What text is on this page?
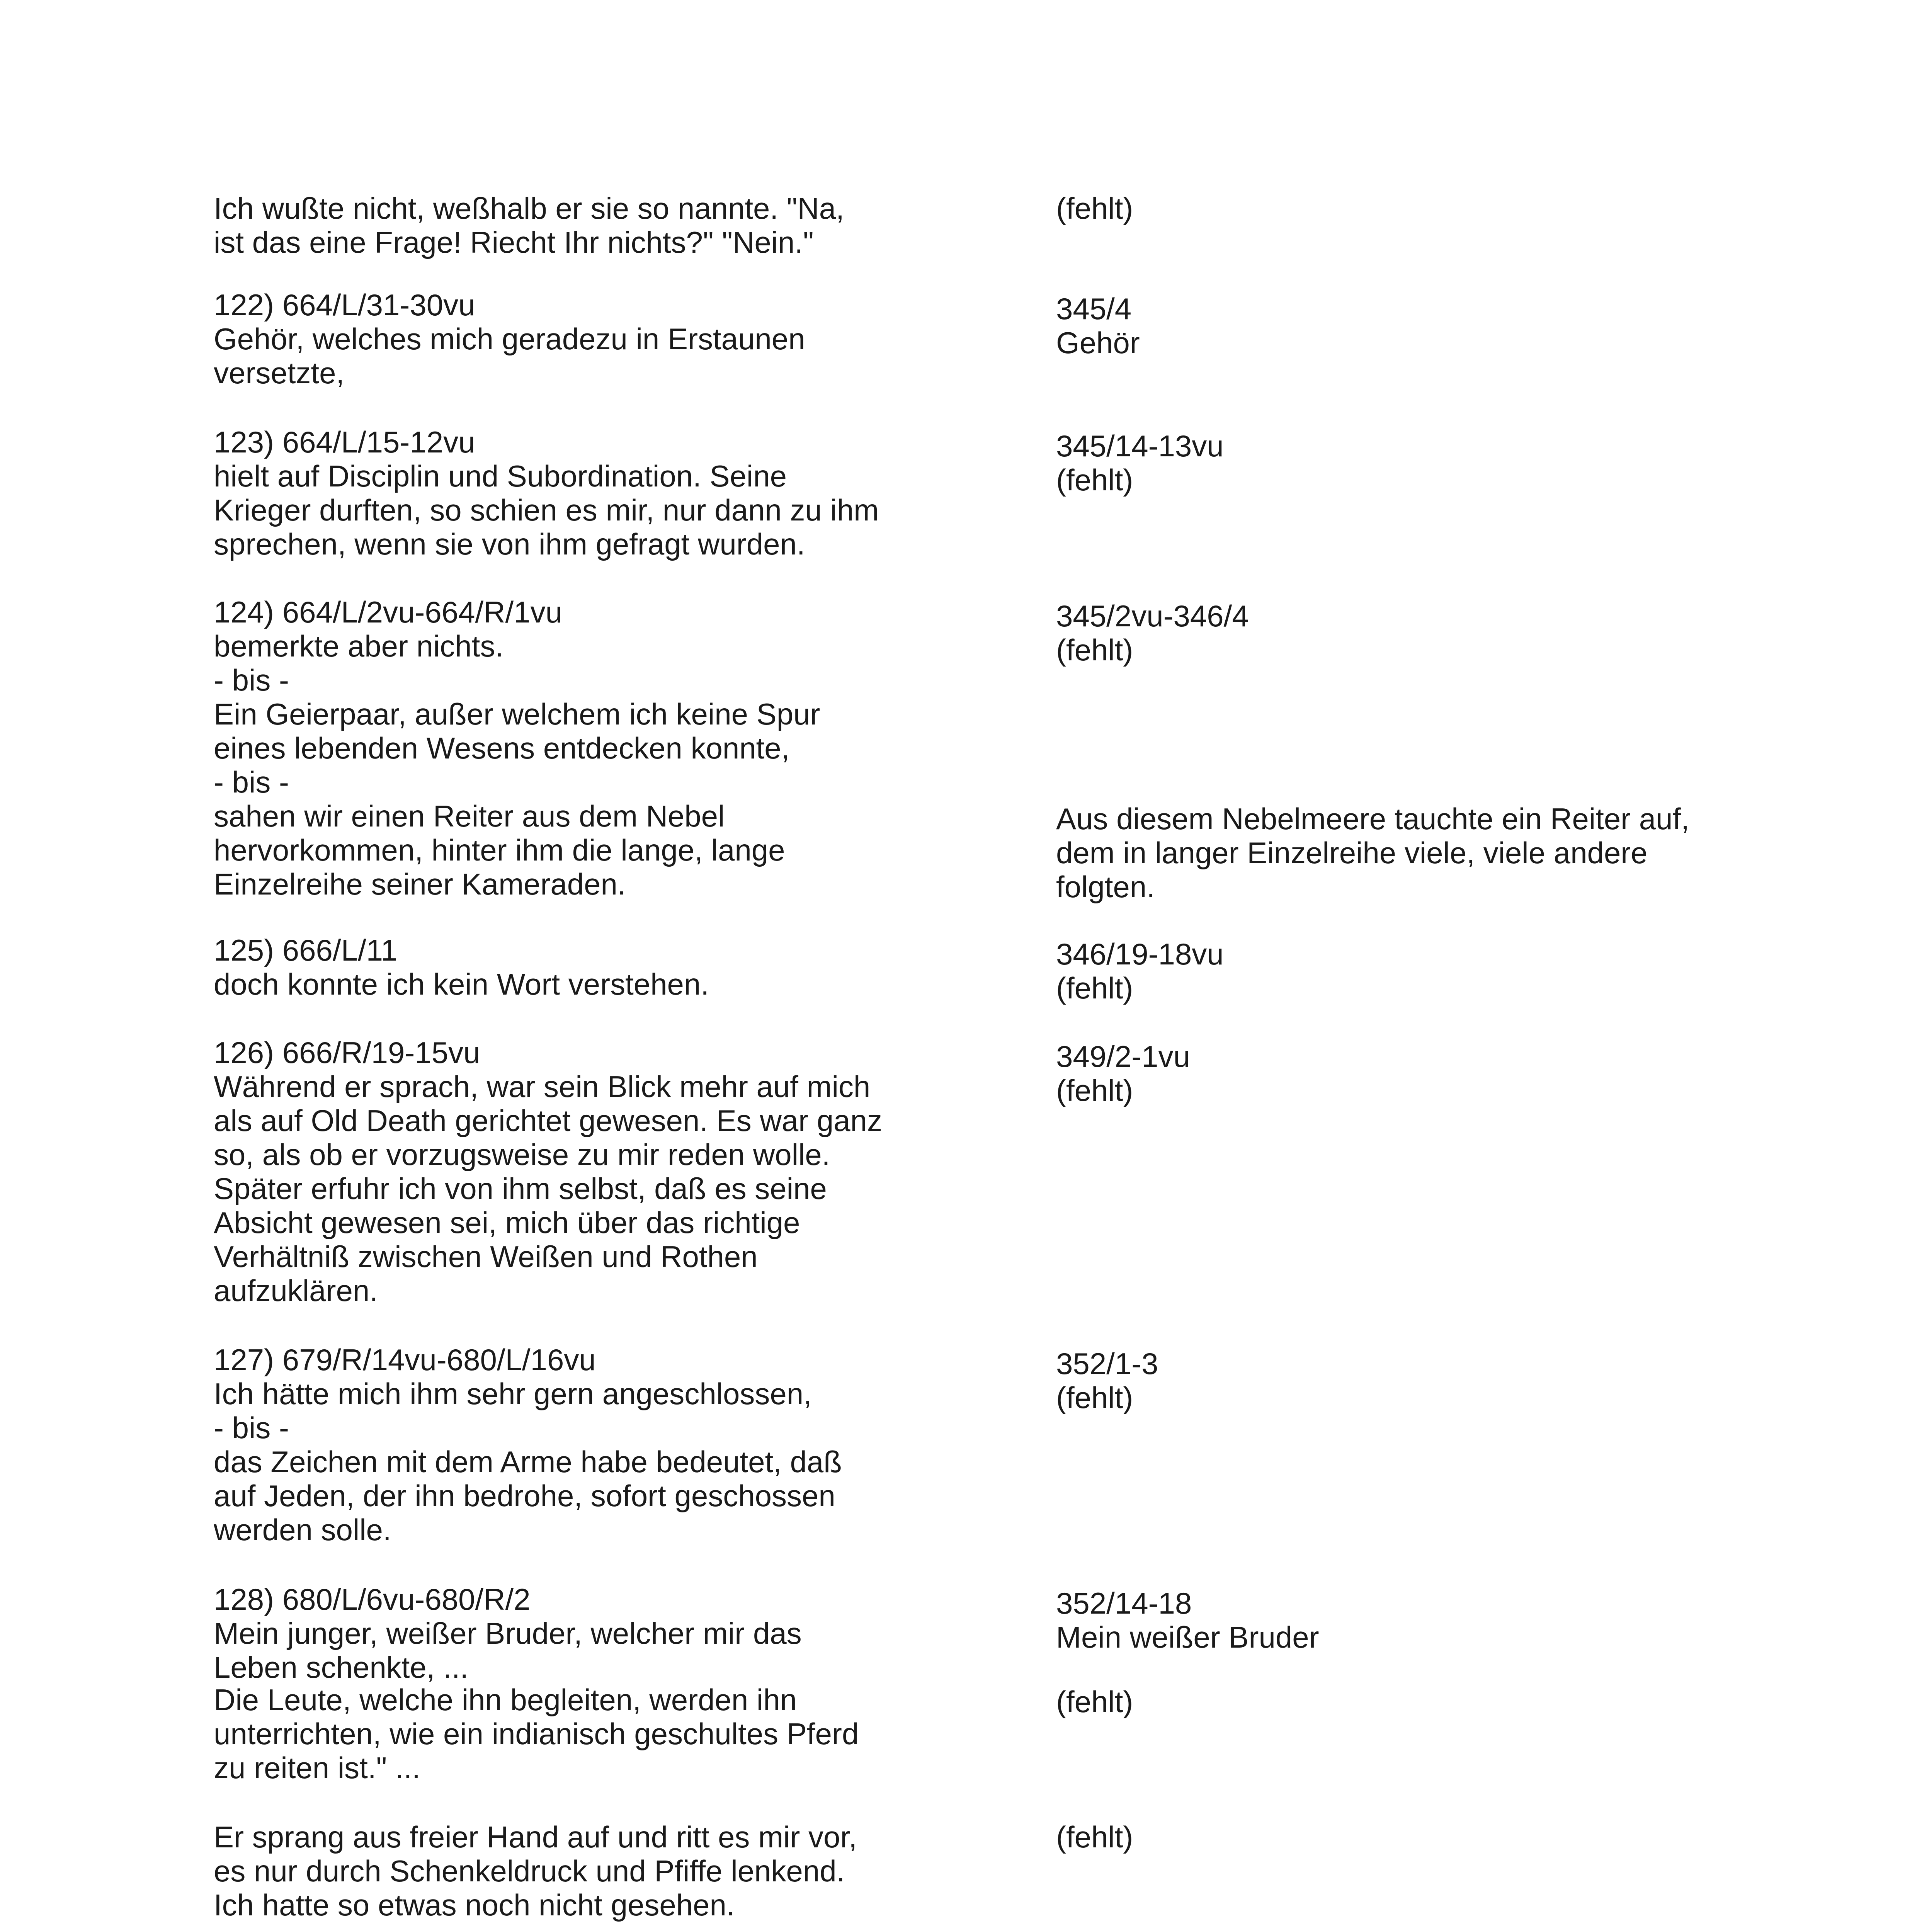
Ich wußte nicht, weßhalb er sie so nannte. "Na,
ist das eine Frage! Riecht Ihr nichts?" "Nein."
(fehlt)
122) 664/L/31-30vu
Gehör, welches mich geradezu in Erstaunen
versetzte,
345/4
Gehör
123) 664/L/15-12vu
hielt auf Disciplin und Subordination. Seine
Krieger durften, so schien es mir, nur dann zu ihm
sprechen, wenn sie von ihm gefragt wurden.
345/14-13vu
(fehlt)
124) 664/L/2vu-664/R/1vu
bemerkte aber nichts.
- bis -
Ein Geierpaar, außer welchem ich keine Spur
eines lebenden Wesens entdecken konnte,
- bis -
sahen wir einen Reiter aus dem Nebel
hervorkommen, hinter ihm die lange, lange
Einzelreihe seiner Kameraden.
345/2vu-346/4
(fehlt)
Aus diesem Nebelmeere tauchte ein Reiter auf,
dem in langer Einzelreihe viele, viele andere
folgten.
125) 666/L/11
doch konnte ich kein Wort verstehen.
346/19-18vu
(fehlt)
126) 666/R/19-15vu
Während er sprach, war sein Blick mehr auf mich
als auf Old Death gerichtet gewesen. Es war ganz
so, als ob er vorzugsweise zu mir reden wolle.
Später erfuhr ich von ihm selbst, daß es seine
Absicht gewesen sei, mich über das richtige
Verhältniß zwischen Weißen und Rothen
aufzuklären.
349/2-1vu
(fehlt)
127) 679/R/14vu-680/L/16vu
Ich hätte mich ihm sehr gern angeschlossen,
- bis -
das Zeichen mit dem Arme habe bedeutet, daß
auf Jeden, der ihn bedrohe, sofort geschossen
werden solle.
352/1-3
(fehlt)
128) 680/L/6vu-680/R/2
Mein junger, weißer Bruder, welcher mir das
Leben schenkte, ...
352/14-18
Mein weißer Bruder
Die Leute, welche ihn begleiten, werden ihn
unterrichten, wie ein indianisch geschultes Pferd
zu reiten ist." ...
(fehlt)
Er sprang aus freier Hand auf und ritt es mir vor,
es nur durch Schenkeldruck und Pfiffe lenkend.
Ich hatte so etwas noch nicht gesehen.
(fehlt)
